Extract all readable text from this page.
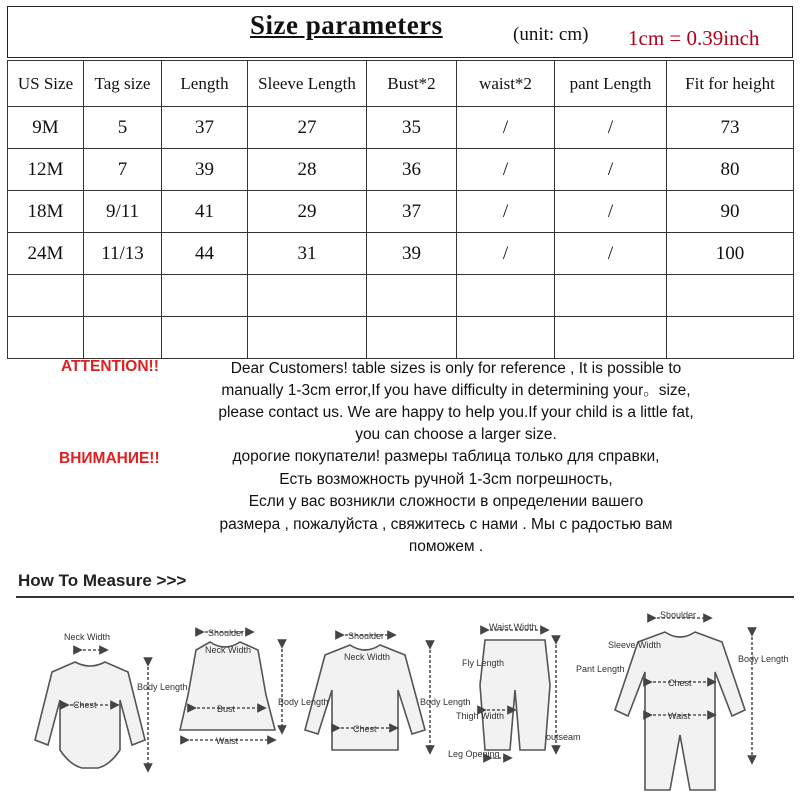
Size parameters	(unit: cm) 1cm = 0.39inch
US Size	Tag size	Length	Sleeve Length	Bust*2	waist*2	pant Length	Fit for height
9M	5	37	27	35	/	/	73
12M	7	39	28	36	/	/	80
18M	9/11	41	29	37	/	/	90
24M	11/13	44	31	39	/	/	100

ATTENTION!!	Dear Customers! table sizes is only for reference , It is possible to
manually 1-3cm error,If you have difficulty in determining your。size,
please contact us. We are happy to help you.If your child is a little fat,
you can choose a larger size.
ВНИМАНИЕ!!	дорогие покупатели! размеры таблица только для справки,
Есть возможность ручной 1-3cm погрешность,
Если у вас возникли сложности в определении вашего
размера , пожалуйста , свяжитесь с нами . Мы с радостью вам
поможем .
How To Measure >>>
Neck Width
Chest
Body Length
Shoulder
Neck Width
Bust
Waist
Body Length
Shoulder
Neck Width
Chest
Body Length
Waist Width
Fly Length
Thigh Width
outseam
Leg Opening
Pant Length
Shoulder
Sleeve Width
Chest
Waist
Body Length
